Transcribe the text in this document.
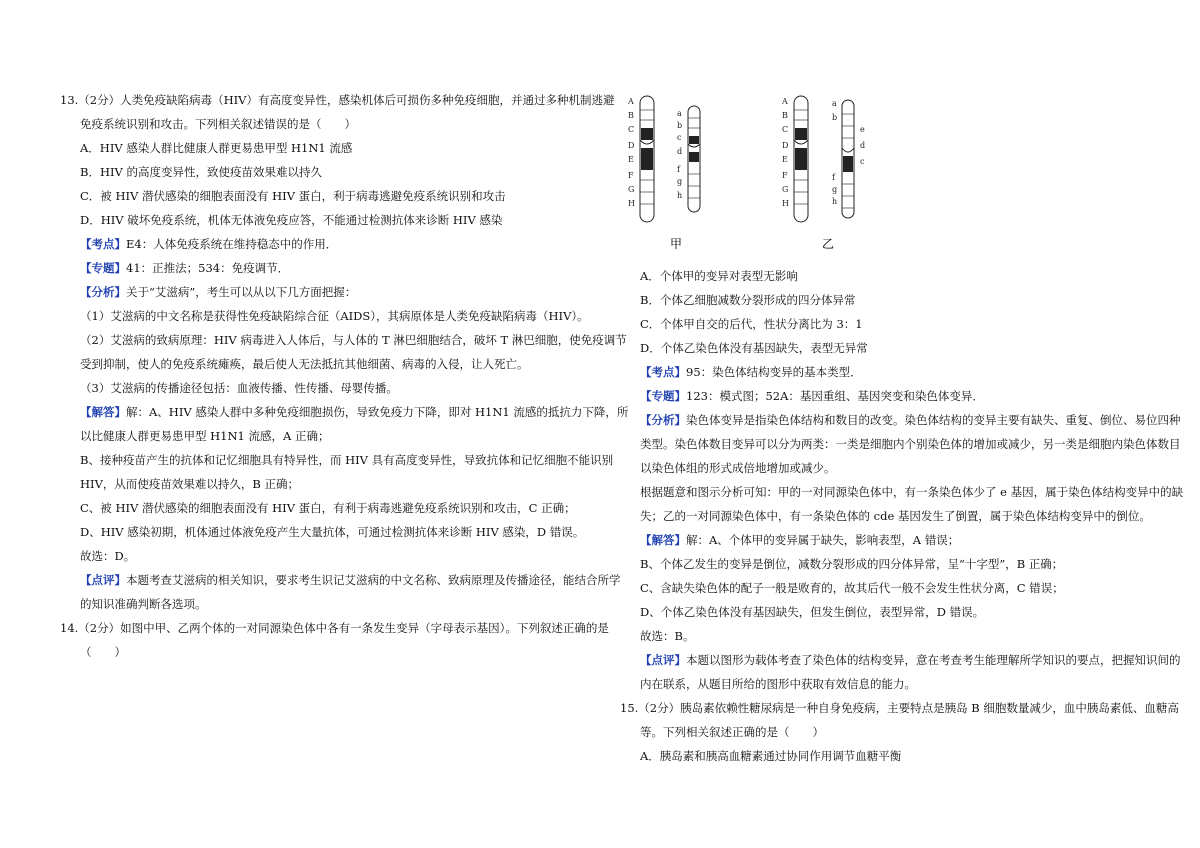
13.（2分）人类免疫缺陷病毒（HIV）有高度变异性，感染机体后可损伤多种免疫细胞，并通过多种机制逃避
免疫系统识别和攻击。下列相关叙述错误的是（　　）
A．HIV 感染人群比健康人群更易患甲型 H1N1 流感
B．HIV 的高度变异性，致使疫苗效果难以持久
C．被 HIV 潜伏感染的细胞表面没有 HIV 蛋白，利于病毒逃避免疫系统识别和攻击
D．HIV 破坏免疫系统，机体无体液免疫应答，不能通过检测抗体来诊断 HIV 感染
【考点】E4：人体免疫系统在维持稳态中的作用．
【专题】41：正推法；534：免疫调节．
【分析】关于“艾滋病”，考生可以从以下几方面把握：
（1）艾滋病的中文名称是获得性免疫缺陷综合征（AIDS），其病原体是人类免疫缺陷病毒（HIV）。
（2）艾滋病的致病原理：HIV 病毒进入人体后，与人体的 T 淋巴细胞结合，破坏 T 淋巴细胞，使免疫调节
受到抑制，使人的免疫系统瘫痪，最后使人无法抵抗其他细菌、病毒的入侵，让人死亡。
（3）艾滋病的传播途径包括：血液传播、性传播、母婴传播。
【解答】解：A、HIV 感染人群中多种免疫细胞损伤，导致免疫力下降，即对 H1N1 流感的抵抗力下降，所
以比健康人群更易患甲型 H1N1 流感，A 正确；
B、接种疫苗产生的抗体和记忆细胞具有特异性，而 HIV 具有高度变异性，导致抗体和记忆细胞不能识别
HIV，从而使疫苗效果难以持久，B 正确；
C、被 HIV 潜伏感染的细胞表面没有 HIV 蛋白，有利于病毒逃避免疫系统识别和攻击，C 正确；
D、HIV 感染初期，机体通过体液免疫产生大量抗体，可通过检测抗体来诊断 HIV 感染，D 错误。
故选：D。
【点评】本题考查艾滋病的相关知识，要求考生识记艾滋病的中文名称、致病原理及传播途径，能结合所学
的知识准确判断各选项。
14.（2分）如图中甲、乙两个体的一对同源染色体中各有一条发生变异（字母表示基因）。下列叙述正确的是
（　　）
A
B
C
D
E
F
G
H
a
b
c
d
f
g
h
A
B
C
D
E
F
G
H
a
b
f
g
h
e
d
c
甲	乙
A．个体甲的变异对表型无影响
B．个体乙细胞减数分裂形成的四分体异常
C．个体甲自交的后代，性状分离比为 3：1
D．个体乙染色体没有基因缺失，表型无异常
【考点】95：染色体结构变异的基本类型．
【专题】123：模式图；52A：基因重组、基因突变和染色体变异．
【分析】染色体变异是指染色体结构和数目的改变。染色体结构的变异主要有缺失、重复、倒位、易位四种
类型。染色体数目变异可以分为两类：一类是细胞内个别染色体的增加或减少，另一类是细胞内染色体数目
以染色体组的形式成倍地增加或减少。
根据题意和图示分析可知：甲的一对同源染色体中，有一条染色体少了 e 基因，属于染色体结构变异中的缺
失；乙的一对同源染色体中，有一条染色体的 cde 基因发生了倒置，属于染色体结构变异中的倒位。
【解答】解：A、个体甲的变异属于缺失，影响表型，A 错误；
B、个体乙发生的变异是倒位，减数分裂形成的四分体异常，呈“十字型”，B 正确；
C、含缺失染色体的配子一般是败育的，故其后代一般不会发生性状分离，C 错误；
D、个体乙染色体没有基因缺失，但发生倒位，表型异常，D 错误。
故选：B。
【点评】本题以图形为载体考查了染色体的结构变异，意在考查考生能理解所学知识的要点，把握知识间的
内在联系，从题目所给的图形中获取有效信息的能力。
15.（2分）胰岛素依赖性糖尿病是一种自身免疫病，主要特点是胰岛 B 细胞数量减少，血中胰岛素低、血糖高
等。下列相关叙述正确的是（　　）
A．胰岛素和胰高血糖素通过协同作用调节血糖平衡
